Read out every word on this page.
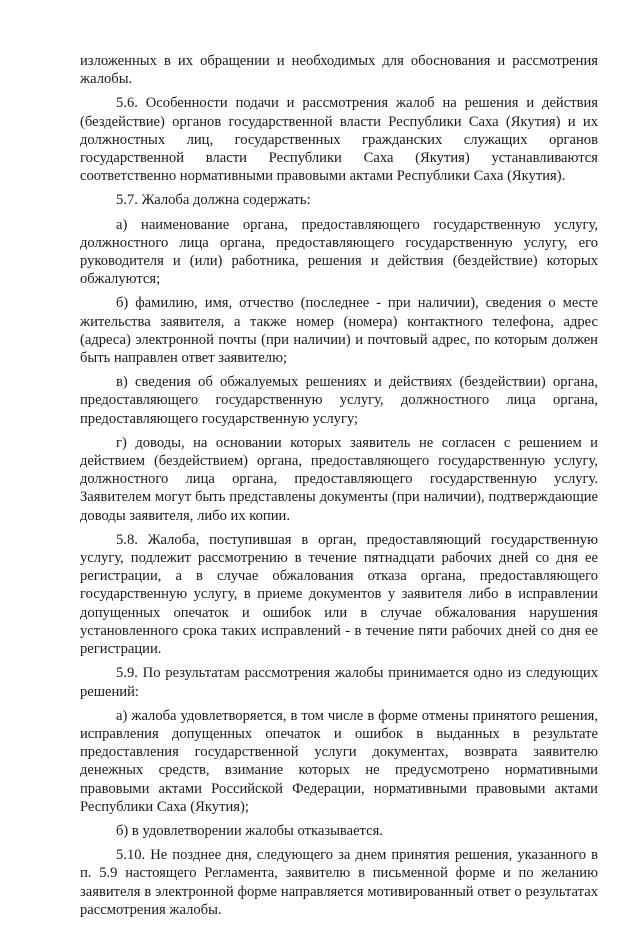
изложенных в их обращении и необходимых для обоснования и рассмотрения жалобы.

5.6. Особенности подачи и рассмотрения жалоб на решения и действия (бездействие) органов государственной власти Республики Саха (Якутия) и их должностных лиц, государственных гражданских служащих органов государственной власти Республики Саха (Якутия) устанавливаются соответственно нормативными правовыми актами Республики Саха (Якутия).

5.7. Жалоба должна содержать:

а) наименование органа, предоставляющего государственную услугу, должностного лица органа, предоставляющего государственную услугу, его руководителя и (или) работника, решения и действия (бездействие) которых обжалуются;

б) фамилию, имя, отчество (последнее - при наличии), сведения о месте жительства заявителя, а также номер (номера) контактного телефона, адрес (адреса) электронной почты (при наличии) и почтовый адрес, по которым должен быть направлен ответ заявителю;

в) сведения об обжалуемых решениях и действиях (бездействии) органа, предоставляющего государственную услугу, должностного лица органа, предоставляющего государственную услугу;

г) доводы, на основании которых заявитель не согласен с решением и действием (бездействием) органа, предоставляющего государственную услугу, должностного лица органа, предоставляющего государственную услугу. Заявителем могут быть представлены документы (при наличии), подтверждающие доводы заявителя, либо их копии.

5.8. Жалоба, поступившая в орган, предоставляющий государственную услугу, подлежит рассмотрению в течение пятнадцати рабочих дней со дня ее регистрации, а в случае обжалования отказа органа, предоставляющего государственную услугу, в приеме документов у заявителя либо в исправлении допущенных опечаток и ошибок или в случае обжалования нарушения установленного срока таких исправлений - в течение пяти рабочих дней со дня ее регистрации.

5.9. По результатам рассмотрения жалобы принимается одно из следующих решений:

а) жалоба удовлетворяется, в том числе в форме отмены принятого решения, исправления допущенных опечаток и ошибок в выданных в результате предоставления государственной услуги документах, возврата заявителю денежных средств, взимание которых не предусмотрено нормативными правовыми актами Российской Федерации, нормативными правовыми актами Республики Саха (Якутия);

б) в удовлетворении жалобы отказывается.

5.10. Не позднее дня, следующего за днем принятия решения, указанного в п. 5.9 настоящего Регламента, заявителю в письменной форме и по желанию заявителя в электронной форме направляется мотивированный ответ о результатах рассмотрения жалобы.
